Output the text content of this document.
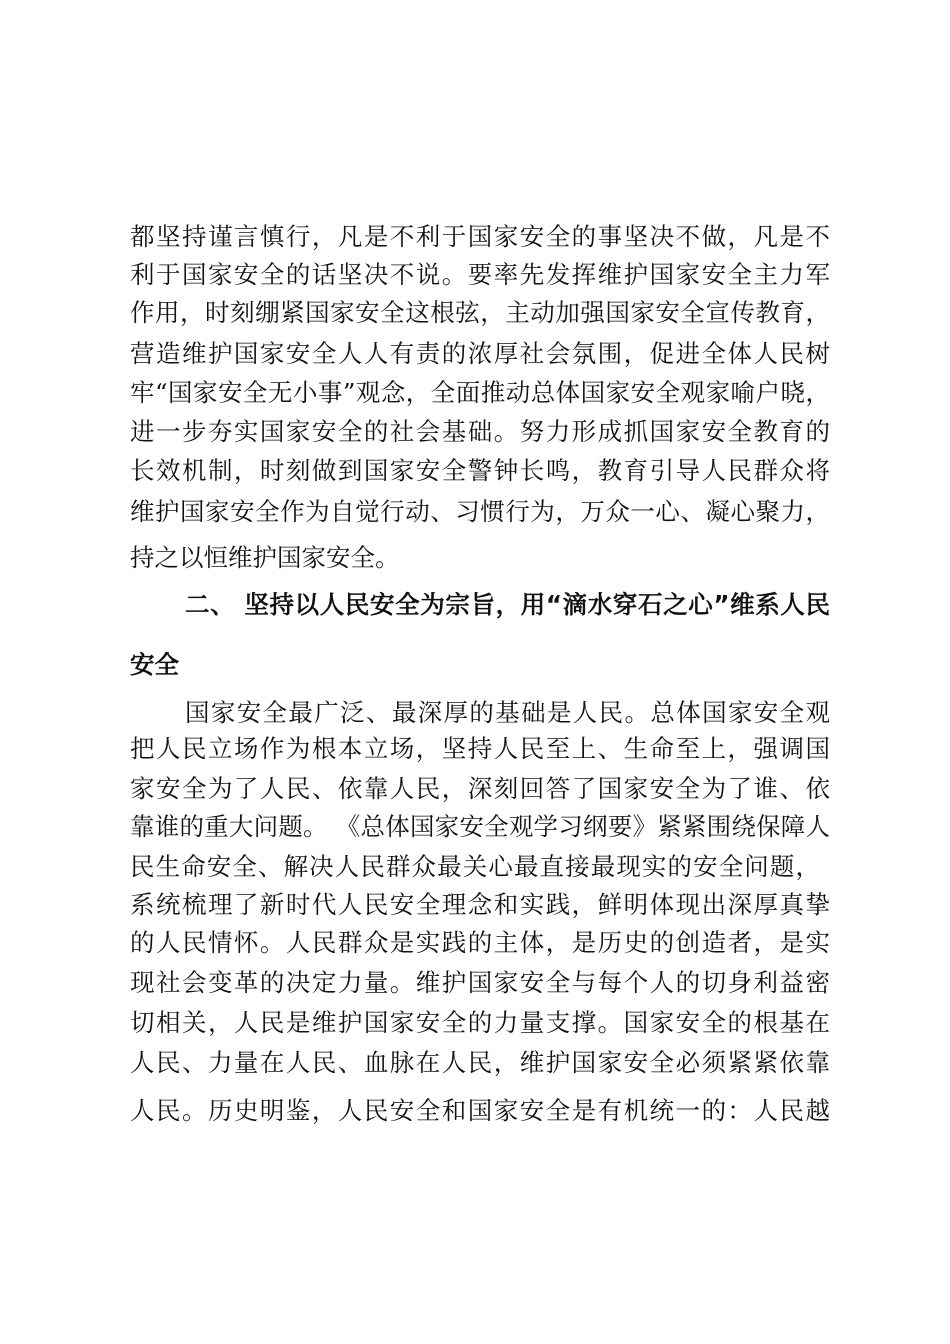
都坚持谨言慎行，凡是不利于国家安全的事坚决不做，凡是不
利于国家安全的话坚决不说。要率先发挥维护国家安全主力军
作用，时刻绷紧国家安全这根弦，主动加强国家安全宣传教育，
营造维护国家安全人人有责的浓厚社会氛围，促进全体人民树
牢“国家安全无小事”观念，全面推动总体国家安全观家喻户晓，
进一步夯实国家安全的社会基础。努力形成抓国家安全教育的
长效机制，时刻做到国家安全警钟长鸣，教育引导人民群众将
维护国家安全作为自觉行动、习惯行为，万众一心、凝心聚力，
持之以恒维护国家安全。
二、 坚持以人民安全为宗旨，用“滴水穿石之心”维系人民
安全
国家安全最广泛、最深厚的基础是人民。总体国家安全观
把人民立场作为根本立场，坚持人民至上、生命至上，强调国
家安全为了人民、依靠人民，深刻回答了国家安全为了谁、依
靠谁的重大问题。 《总体国家安全观学习纲要》紧紧围绕保障人
民生命安全、解决人民群众最关心最直接最现实的安全问题，
系统梳理了新时代人民安全理念和实践，鲜明体现出深厚真挚
的人民情怀。人民群众是实践的主体，是历史的创造者，是实
现社会变革的决定力量。维护国家安全与每个人的切身利益密
切相关，人民是维护国家安全的力量支撑。国家安全的根基在
人民、力量在人民、血脉在人民，维护国家安全必须紧紧依靠
人民。历史明鉴，人民安全和国家安全是有机统一的：人民越
